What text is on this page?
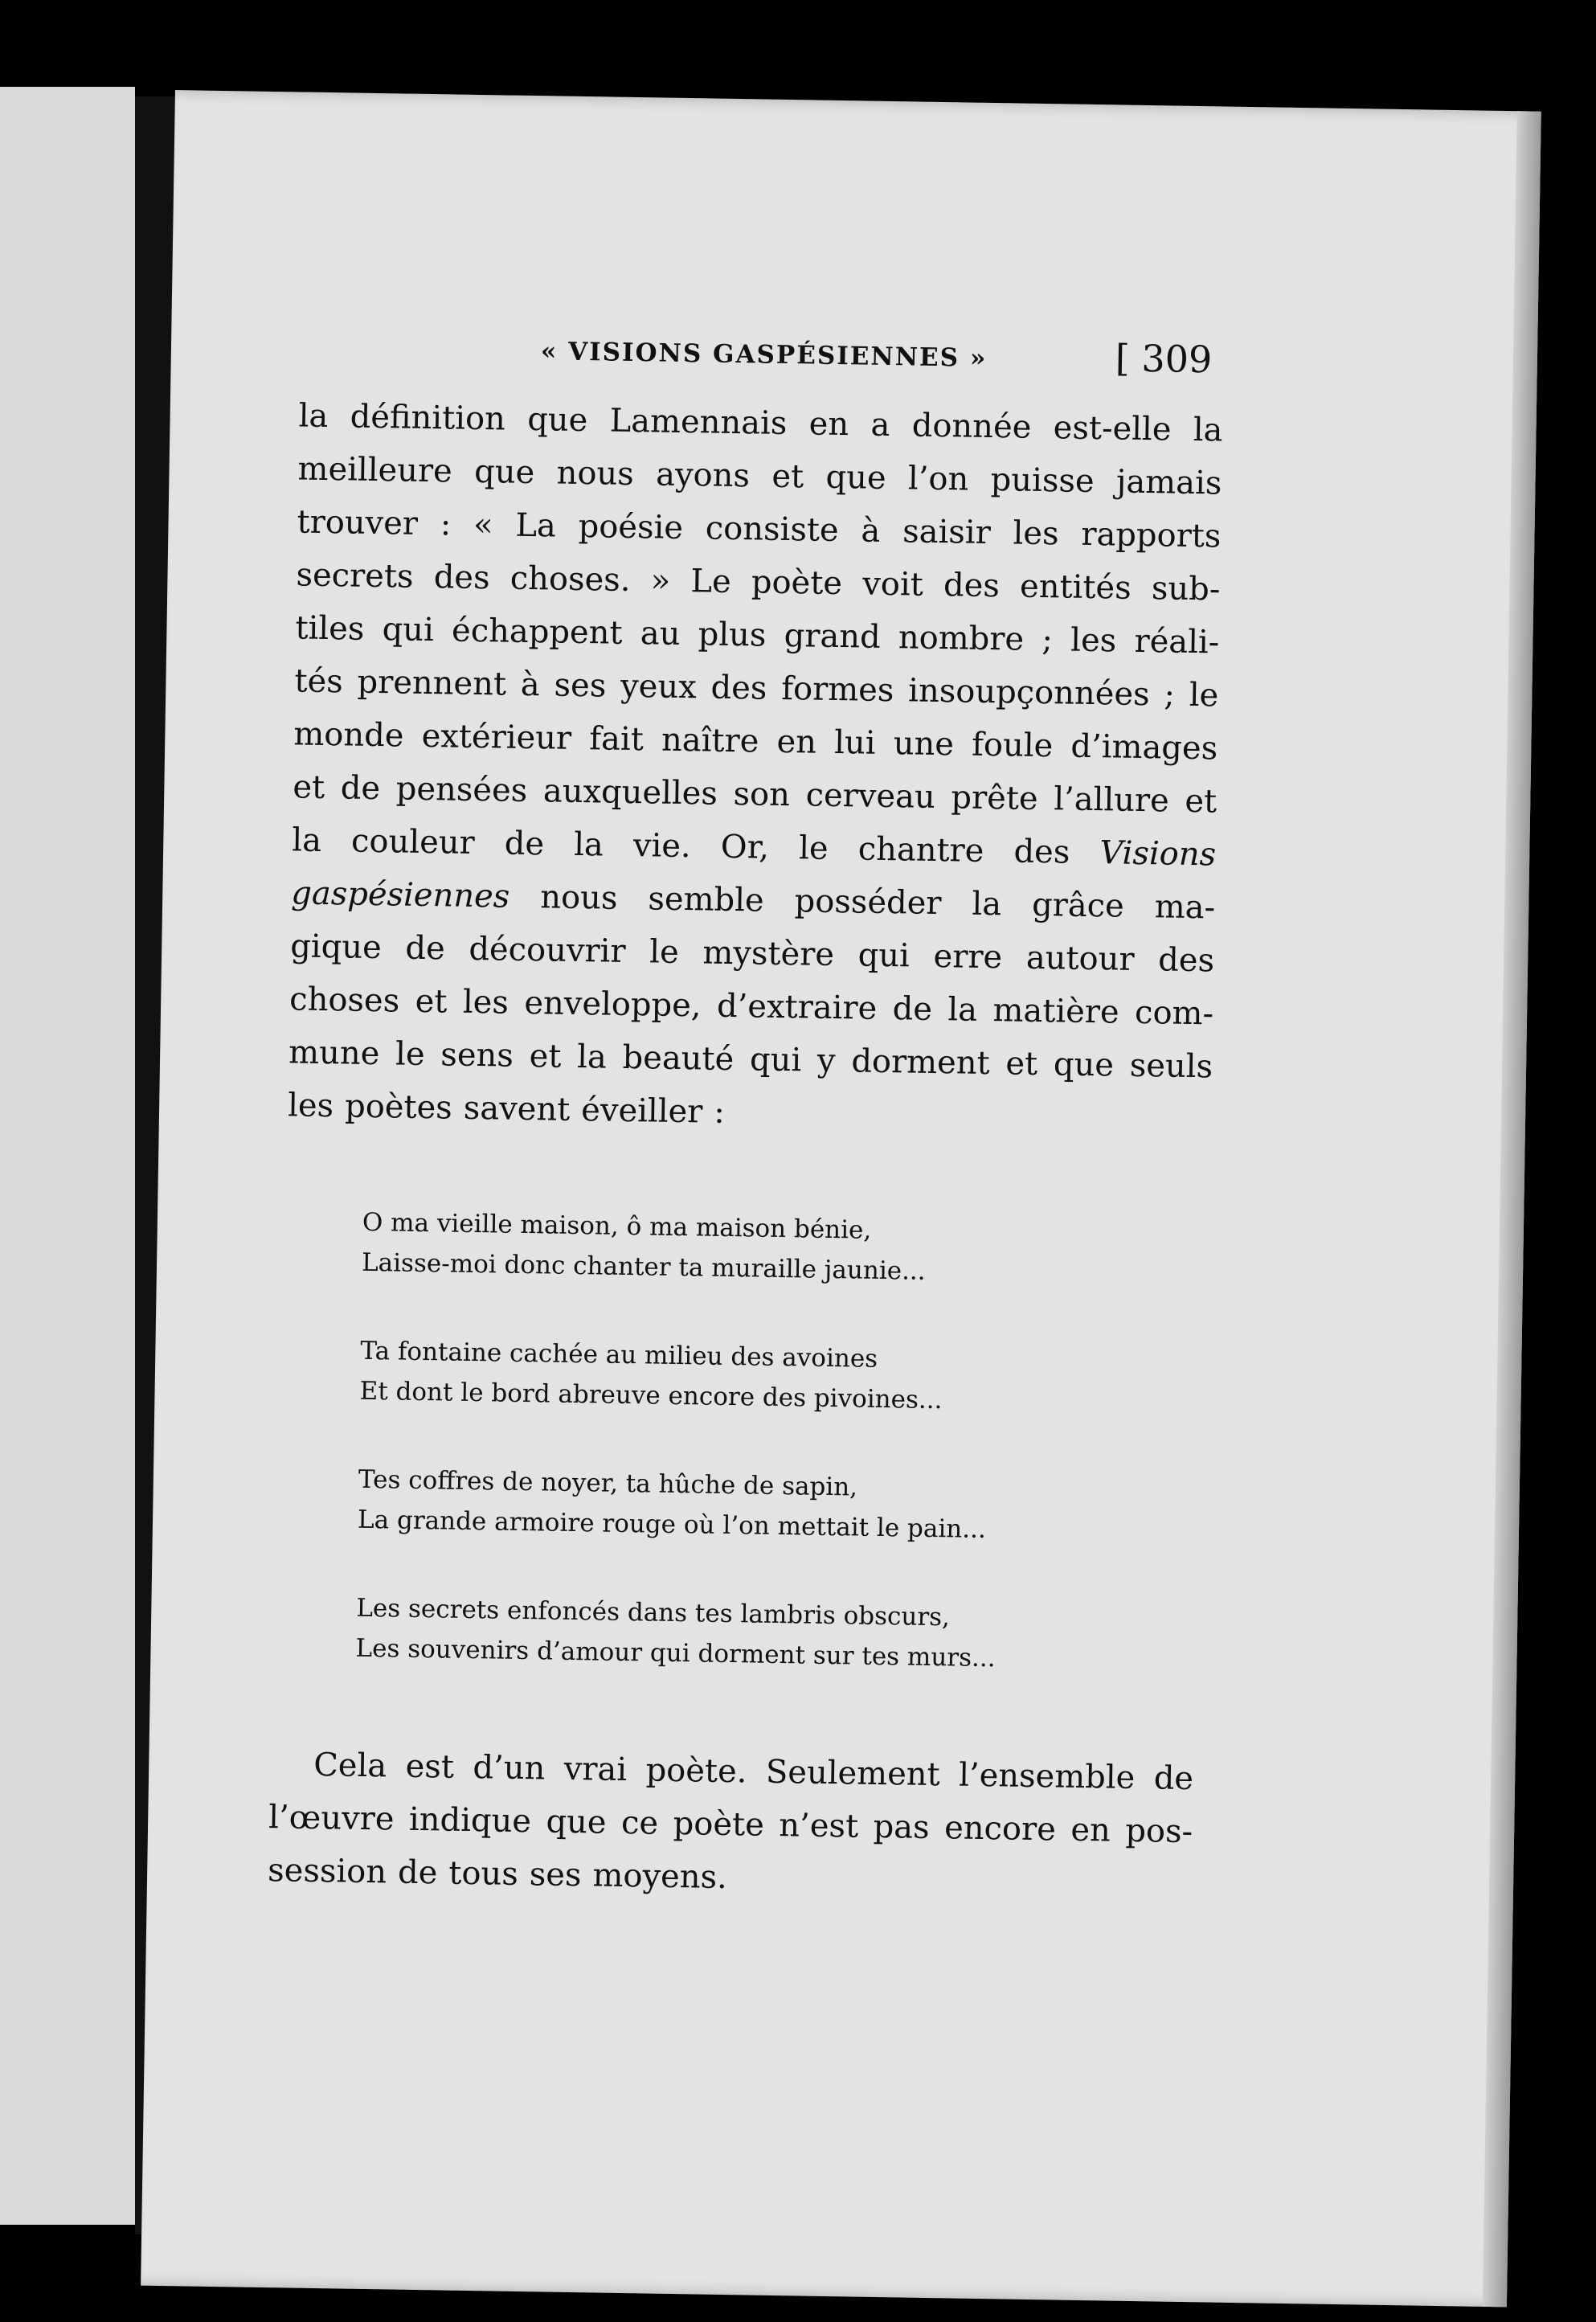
« VISIONS GASPÉSIENNES »	[ 309
la définition que Lamennais en a donnée est-elle la
meilleure que nous ayons et que l’on puisse jamais
trouver : « La poésie consiste à saisir les rapports
secrets des choses. » Le poète voit des entités sub-
tiles qui échappent au plus grand nombre ; les réali-
tés prennent à ses yeux des formes insoupçonnées ; le
monde extérieur fait naître en lui une foule d’images
et de pensées auxquelles son cerveau prête l’allure et
la couleur de la vie. Or, le chantre des Visions
gaspésiennes nous semble posséder la grâce ma-
gique de découvrir le mystère qui erre autour des
choses et les enveloppe, d’extraire de la matière com-
mune le sens et la beauté qui y dorment et que seuls
les poètes savent éveiller :
O ma vieille maison, ô ma maison bénie,
Laisse-moi donc chanter ta muraille jaunie...
Ta fontaine cachée au milieu des avoines
Et dont le bord abreuve encore des pivoines...
Tes coffres de noyer, ta hûche de sapin,
La grande armoire rouge où l’on mettait le pain...
Les secrets enfoncés dans tes lambris obscurs,
Les souvenirs d’amour qui dorment sur tes murs...
Cela est d’un vrai poète. Seulement l’ensemble de
l’œuvre indique que ce poète n’est pas encore en pos-
session de tous ses moyens.
